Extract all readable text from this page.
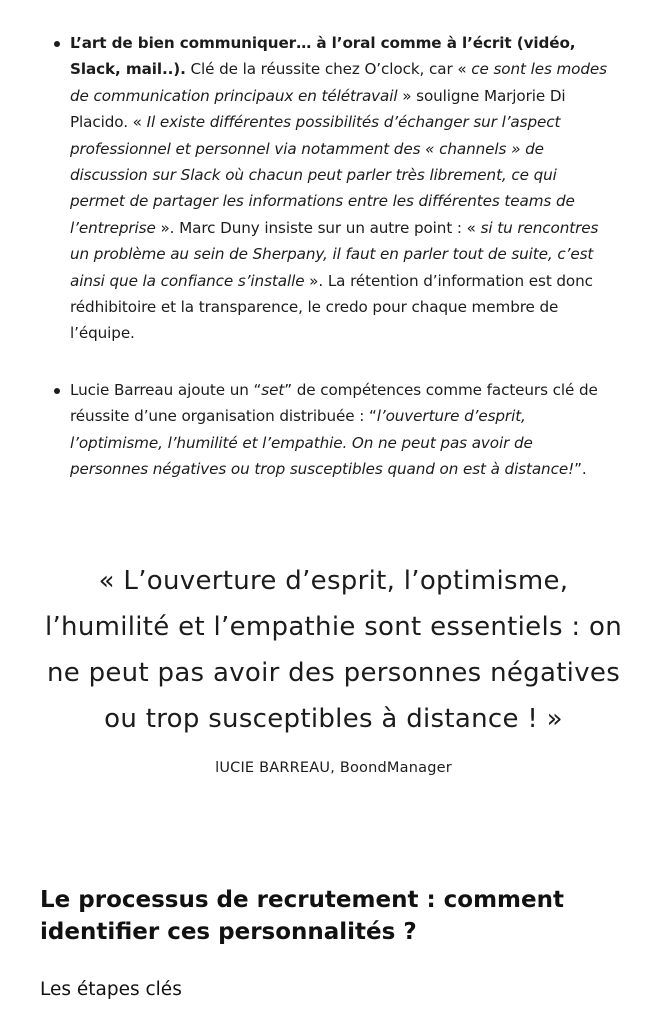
L’art de bien communiquer… à l’oral comme à l’écrit (vidéo, Slack, mail..). Clé de la réussite chez O’clock, car « ce sont les modes de communication principaux en télétravail » souligne Marjorie Di Placido. « Il existe différentes possibilités d’échanger sur l’aspect professionnel et personnel via notamment des « channels » de discussion sur Slack où chacun peut parler très librement, ce qui permet de partager les informations entre les différentes teams de l’entreprise ». Marc Duny insiste sur un autre point : « si tu rencontres un problème au sein de Sherpany, il faut en parler tout de suite, c’est ainsi que la confiance s’installe ». La rétention d’information est donc rédhibitoire et la transparence, le credo pour chaque membre de l’équipe.
Lucie Barreau ajoute un “set” de compétences comme facteurs clé de réussite d’une organisation distribuée : “l’ouverture d’esprit, l’optimisme, l’humilité et l’empathie. On ne peut pas avoir de personnes négatives ou trop susceptibles quand on est à distance!”.

« L’ouverture d’esprit, l’optimisme, l’humilité et l’empathie sont essentiels : on ne peut pas avoir des personnes négatives ou trop susceptibles à distance ! »

lUCIE BARREAU, BoondManager
Le processus de recrutement : comment identifier ces personnalités ?
Les étapes clés
